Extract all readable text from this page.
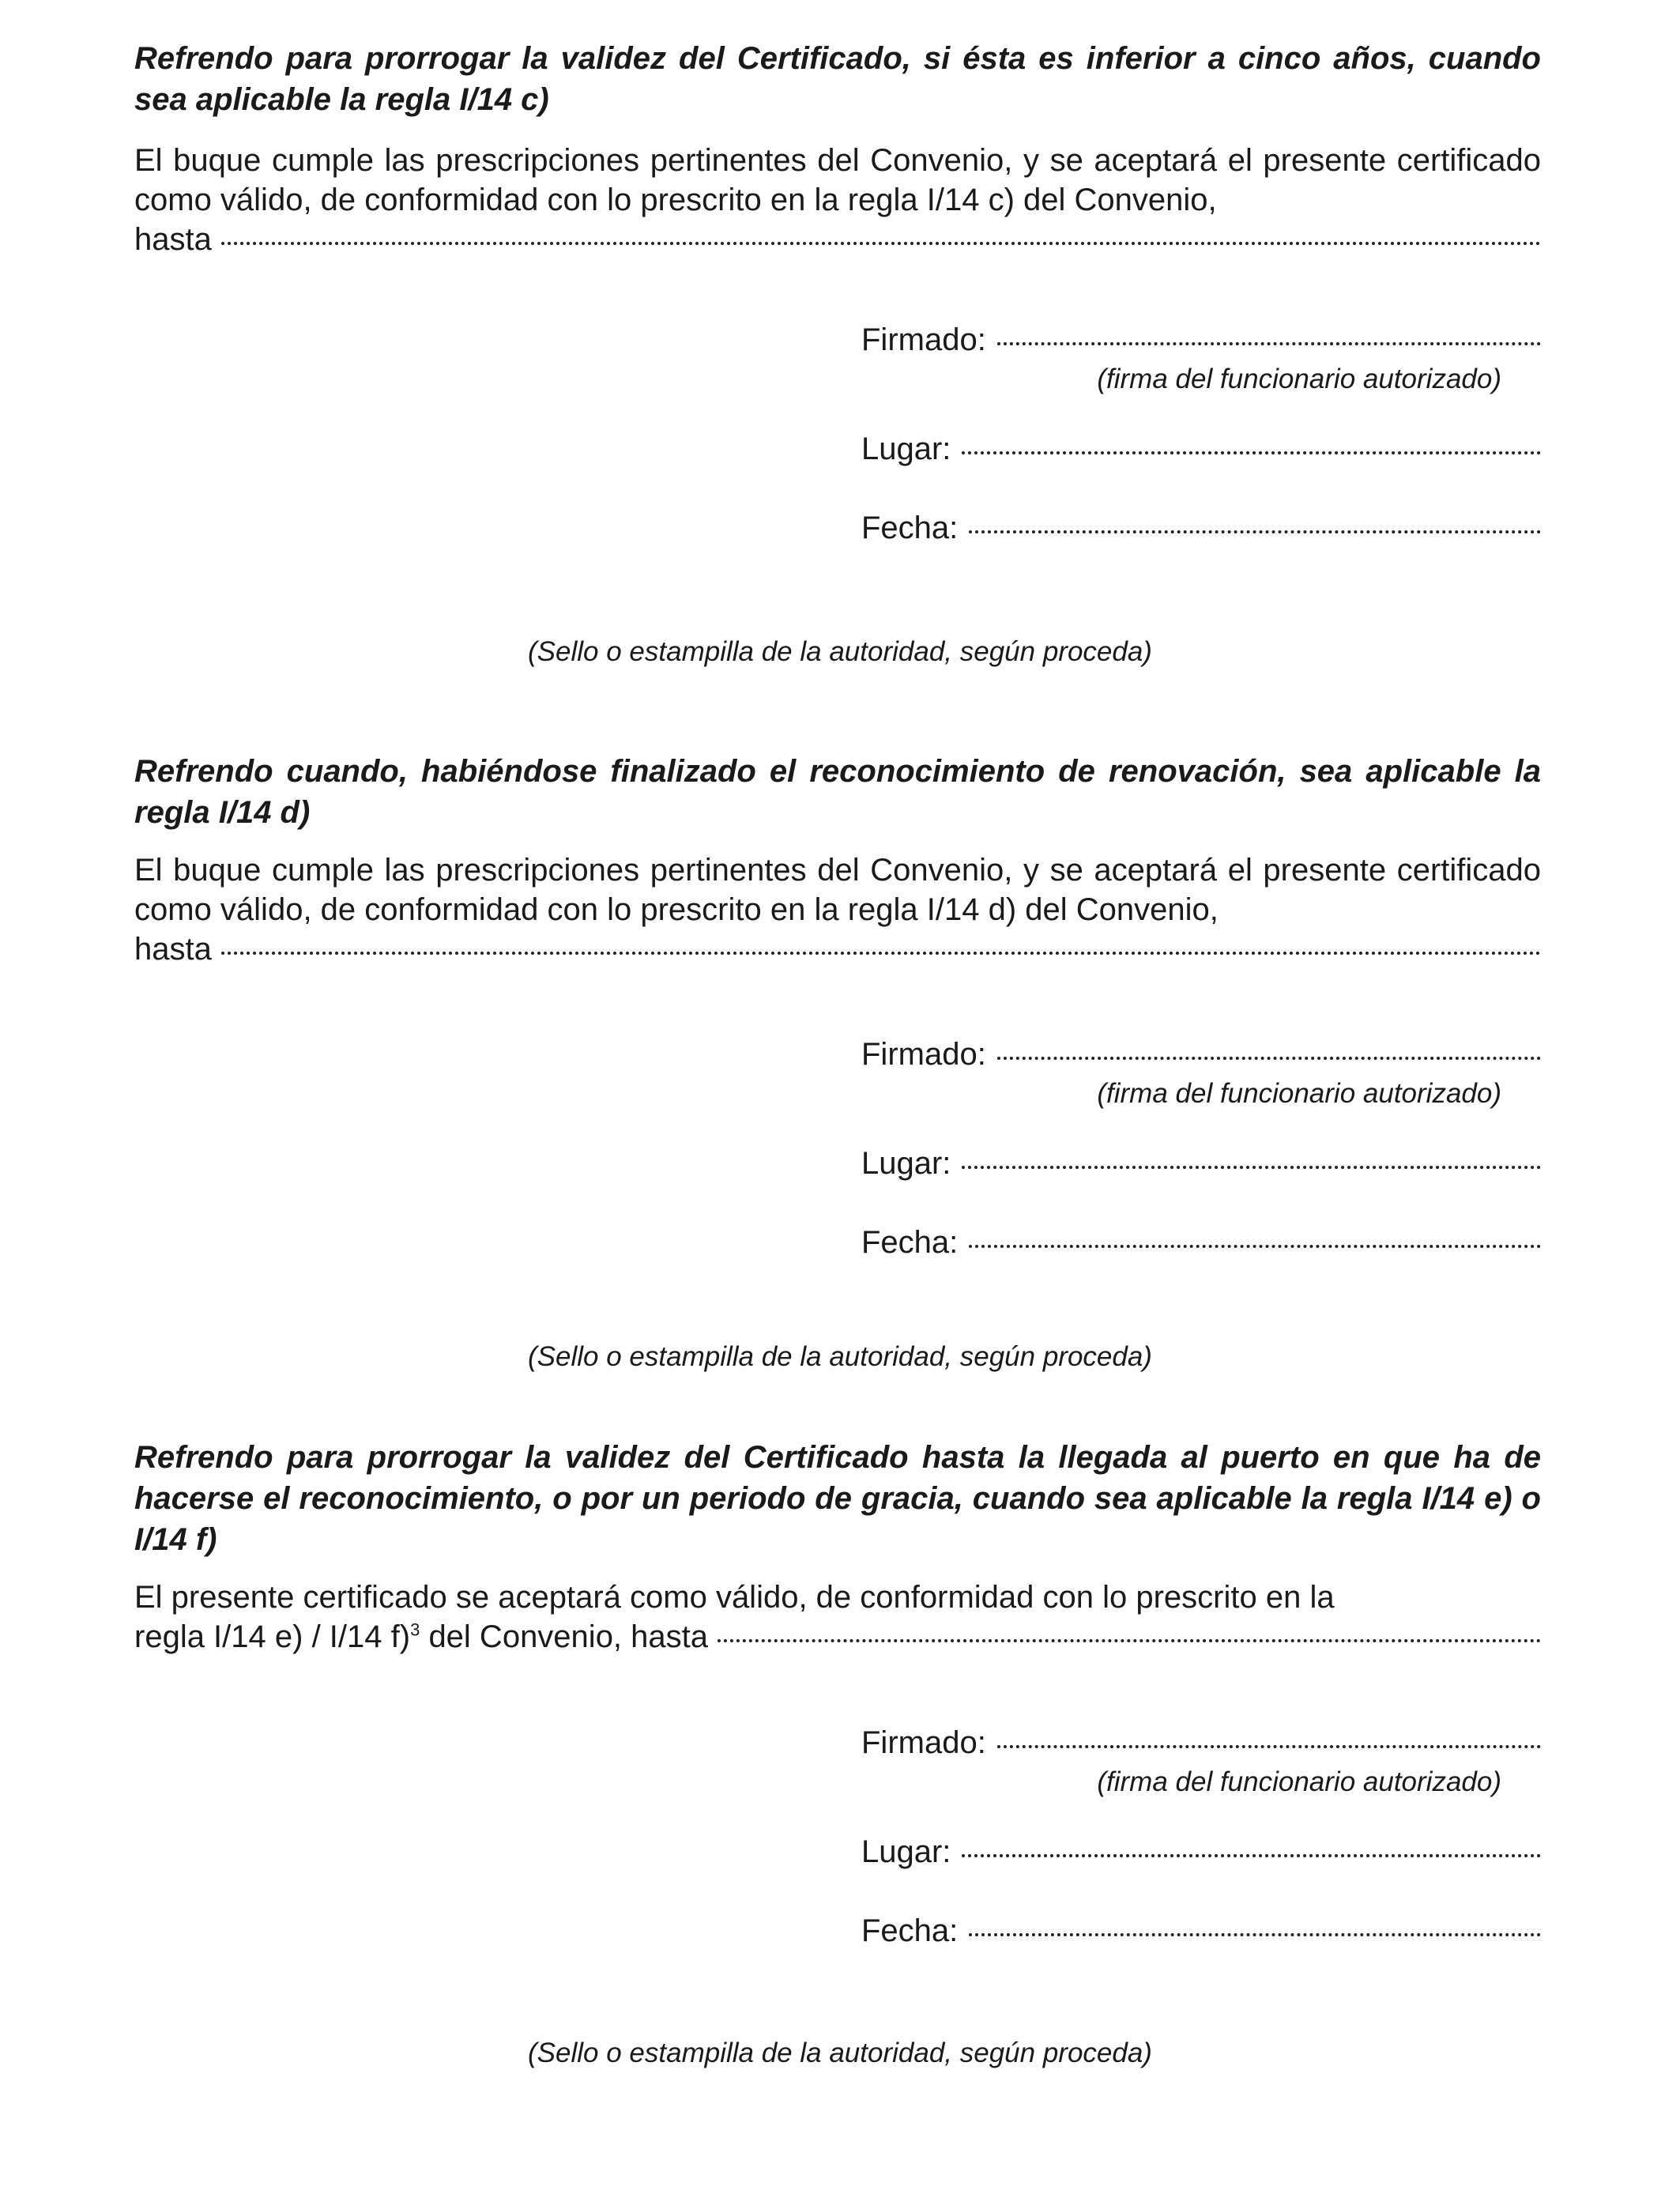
Refrendo para prorrogar la validez del Certificado, si ésta es inferior a cinco años, cuando sea aplicable la regla I/14 c)

El buque cumple las prescripciones pertinentes del Convenio, y se aceptará el presente certificado como válido, de conformidad con lo prescrito en la regla I/14 c) del Convenio,

hasta
Firmado:
(firma del funcionario autorizado)
Lugar:
Fecha:
(Sello o estampilla de la autoridad, según proceda)

Refrendo cuando, habiéndose finalizado el reconocimiento de renovación, sea aplicable la regla I/14 d)

El buque cumple las prescripciones pertinentes del Convenio, y se aceptará el presente certificado como válido, de conformidad con lo prescrito en la regla I/14 d) del Convenio,

hasta
Firmado:
(firma del funcionario autorizado)
Lugar:
Fecha:
(Sello o estampilla de la autoridad, según proceda)

Refrendo para prorrogar la validez del Certificado hasta la llegada al puerto en que ha de hacerse el reconocimiento, o por un periodo de gracia, cuando sea aplicable la regla I/14 e) o I/14 f)

El presente certificado se aceptará como válido, de conformidad con lo prescrito en la

regla I/14 e) / I/14 f)$^3$ del Convenio, hasta
Firmado:
(firma del funcionario autorizado)
Lugar:
Fecha:
(Sello o estampilla de la autoridad, según proceda)
